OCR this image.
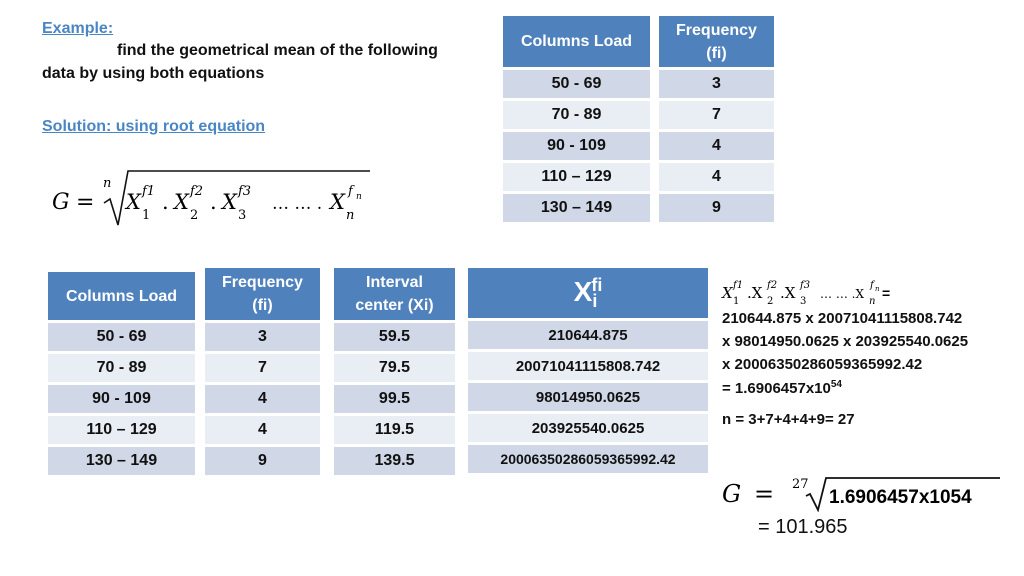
Example:
find the geometrical mean of the following
data by using both equations
Solution: using root equation
G =
n
X f1
1
. X f2
2
. X f3
3
… … . X f n
n
Columns Load
50 - 69
70 - 89
90 - 109
110 – 129
130 – 149
Frequency
(fi)
3
7
4
4
9
Columns Load
50 - 69
70 - 89
90 - 109
110 – 129
130 – 149
Frequency
(fi)
3
7
4
4
9
Interval
center (Xi)
59.5
79.5
99.5
119.5
139.5
$X_i^{fi}$
210644.875
20071041115808.742
98014950.0625
203925540.0625
20006350286059365992.42
X f1
1 .X f2
2 .X f3
3
… … .X
f n
n
=
210644.875 x 20071041115808.742
x 98014950.0625 x 203925540.0625
x 20006350286059365992.42
= $1.6906457x10^{54}$
n = 3+7+4+4+9= 27
G = 27
1.6906457x1054
= 101.965
